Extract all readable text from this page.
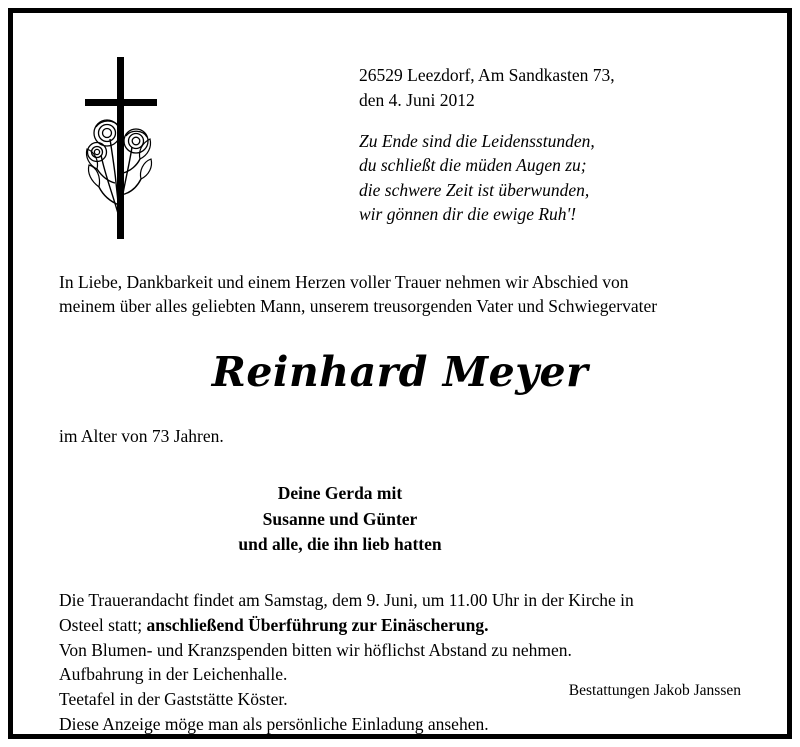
26529 Leezdorf, Am Sandkasten 73,
den 4. Juni 2012
Zu Ende sind die Leidensstunden,
du schließt die müden Augen zu;
die schwere Zeit ist überwunden,
wir gönnen dir die ewige Ruh'!
In Liebe, Dankbarkeit und einem Herzen voller Trauer nehmen wir Abschied von
meinem über alles geliebten Mann, unserem treusorgenden Vater und Schwiegervater
Reinhard Meyer
im Alter von 73 Jahren.
Deine Gerda mit
Susanne und Günter
und alle, die ihn lieb hatten
Die Trauerandacht findet am Samstag, dem 9. Juni, um 11.00 Uhr in der Kirche in
Osteel statt; anschließend Überführung zur Einäscherung.
Von Blumen- und Kranzspenden bitten wir höflichst Abstand zu nehmen.
Aufbahrung in der Leichenhalle.
Teetafel in der Gaststätte Köster.
Diese Anzeige möge man als persönliche Einladung ansehen.
Bestattungen Jakob Janssen
